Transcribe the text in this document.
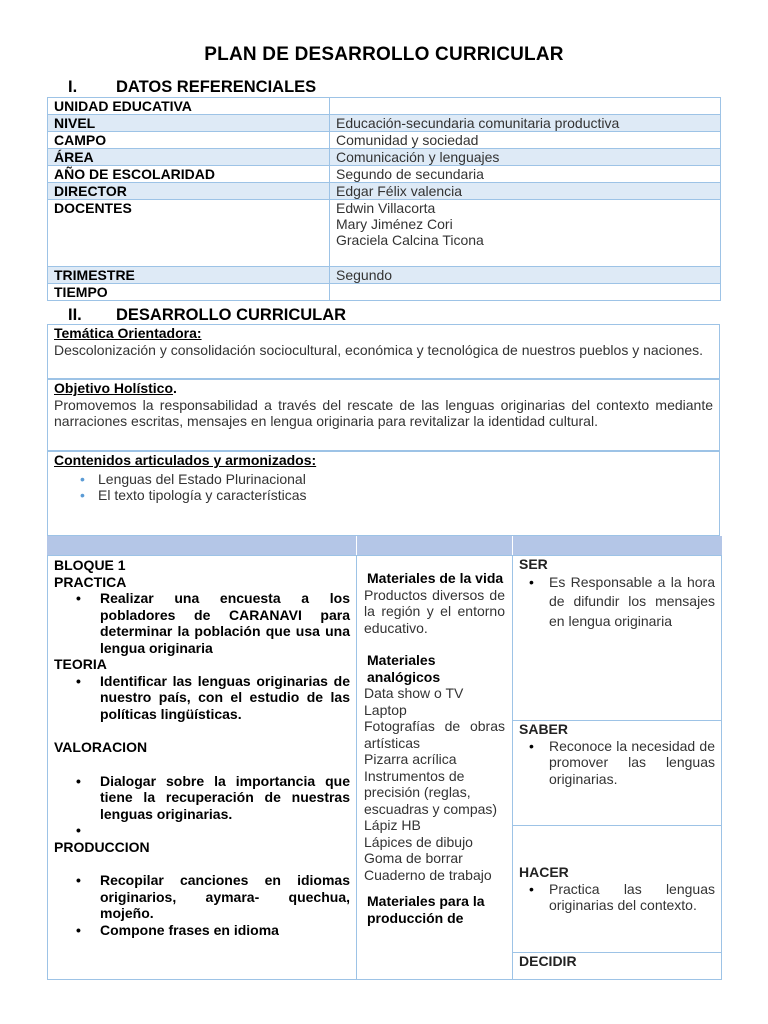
PLAN DE DESARROLLO CURRICULAR
I. DATOS REFERENCIALES
UNIDAD EDUCATIVA	
NIVEL	Educación-secundaria comunitaria productiva
CAMPO	Comunidad y sociedad
ÁREA	Comunicación y lenguajes
AÑO DE ESCOLARIDAD	Segundo de secundaria
DIRECTOR	Edgar Félix valencia
DOCENTES	Edwin Villacorta
Mary Jiménez Cori
Graciela Calcina Ticona

TRIMESTRE	Segundo
TIEMPO	
II. DESARROLLO CURRICULAR
Temática Orientadora:
Descolonización y consolidación sociocultural, económica y tecnológica de nuestros pueblos y naciones.
Objetivo Holístico.
Promovemos la responsabilidad a través del rescate de las lenguas originarias del contexto mediante narraciones escritas, mensajes en lengua originaria para revitalizar la identidad cultural.
Contenidos articulados y armonizados:
• Lenguas del Estado Plurinacional
• El texto tipología y características
BLOQUE 1
PRACTICA
• Realizar una encuesta a los pobladores de CARANAVI para determinar la población que usa una lengua originaria
TEORIA
• Identificar las lenguas originarias de nuestro país, con el estudio de las políticas lingüísticas.
VALORACION
• Dialogar sobre la importancia que tiene la recuperación de nuestras lenguas originarias.
•
PRODUCCION
• Recopilar canciones en idiomas originarios, aymara- quechua, mojeño.
• Compone frases en idioma
Materiales de la vida
Productos diversos de la región y el entorno educativo.
Materiales analógicos
Data show o TV
Laptop
Fotografías de obras artísticas
Pizarra acrílica
Instrumentos de precisión (reglas, escuadras y compas)
Lápiz HB
Lápices de dibujo
Goma de borrar
Cuaderno de trabajo
Materiales para la producción de
SER
• Es Responsable a la hora de difundir los mensajes en lengua originaria
SABER
• Reconoce la necesidad de promover las lenguas originarias.
HACER
• Practica las lenguas originarias del contexto.
DECIDIR
